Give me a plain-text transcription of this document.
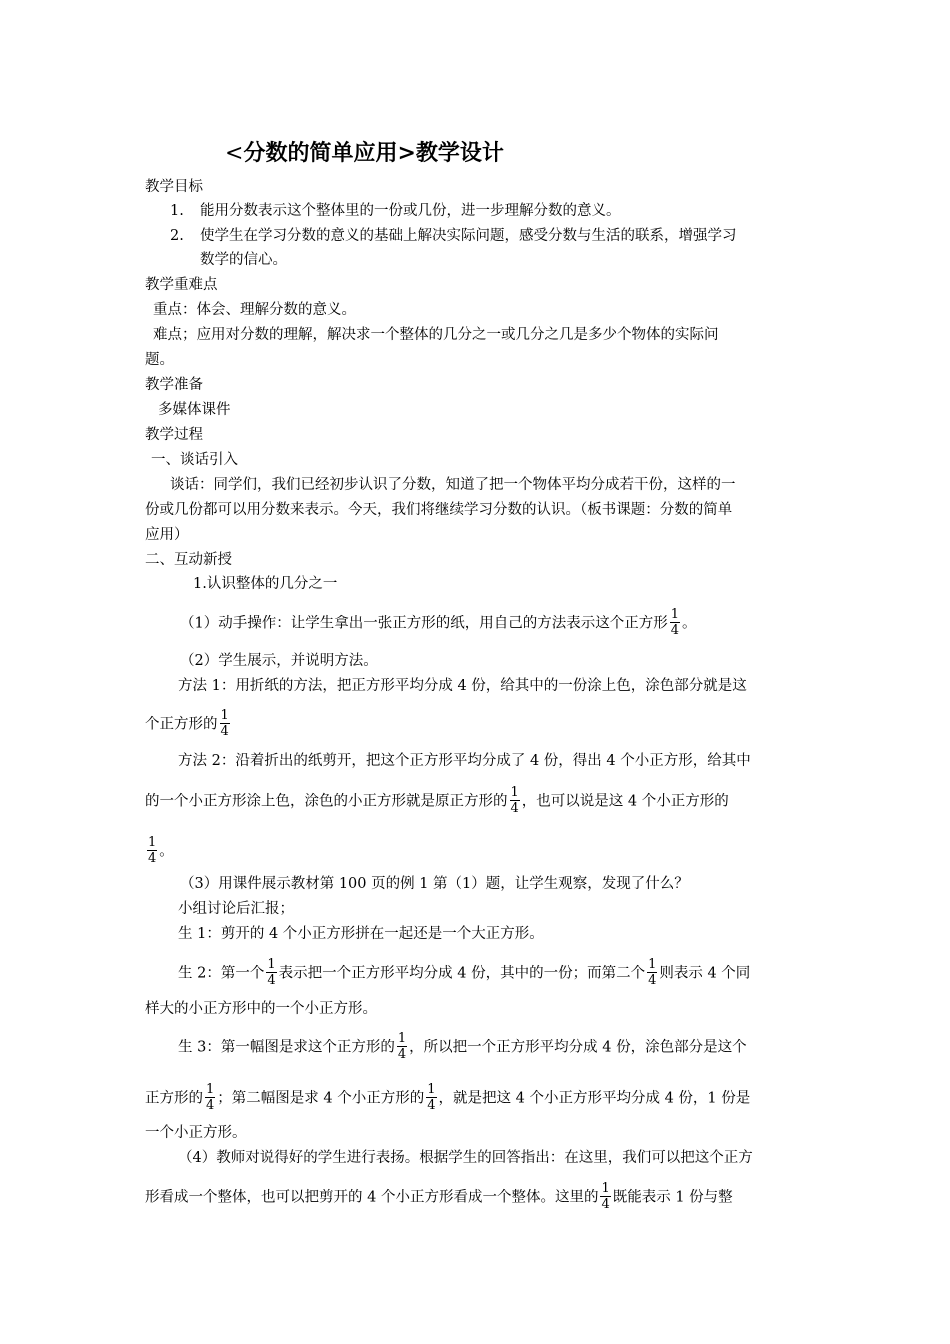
<分数的简单应用>教学设计
教学目标
1. 能用分数表示这个整体里的一份或几份，进一步理解分数的意义。
2. 使学生在学习分数的意义的基础上解决实际问题，感受分数与生活的联系，增强学习
数学的信心。
教学重难点
重点：体会、理解分数的意义。
难点；应用对分数的理解，解决求一个整体的几分之一或几分之几是多少个物体的实际问
题。
教学准备
多媒体课件
教学过程
一、谈话引入
谈话：同学们，我们已经初步认识了分数，知道了把一个物体平均分成若干份，这样的一
份或几份都可以用分数来表示。今天，我们将继续学习分数的认识。（板书课题：分数的简单
应用）
二、互动新授
1.认识整体的几分之一
（1）动手操作：让学生拿出一张正方形的纸，用自己的方法表示这个正方形 $\frac{1}{4}$ 。
（2）学生展示，并说明方法。
方法 1：用折纸的方法，把正方形平均分成 4 份，给其中的一份涂上色，涂色部分就是这
个正方形的 $\frac{1}{4}$
方法 2：沿着折出的纸剪开，把这个正方形平均分成了 4 份，得出 4 个小正方形，给其中
的一个小正方形涂上色，涂色的小正方形就是原正方形的 $\frac{1}{4}$ ，也可以说是这 4 个小正方形的
$\frac{1}{4}$ 。
（3）用课件展示教材第 100 页的例 1 第（1）题，让学生观察，发现了什么？
小组讨论后汇报；
生 1：剪开的 4 个小正方形拼在一起还是一个大正方形。
生 2：第一个 $\frac{1}{4}$ 表示把一个正方形平均分成 4 份，其中的一份；而第二个 $\frac{1}{4}$ 则表示 4 个同
样大的小正方形中的一个小正方形。
生 3：第一幅图是求这个正方形的 $\frac{1}{4}$ ，所以把一个正方形平均分成 4 份，涂色部分是这个
正方形的 $\frac{1}{4}$ ；第二幅图是求 4 个小正方形的 $\frac{1}{4}$ ，就是把这 4 个小正方形平均分成 4 份，1 份是
一个小正方形。
（4）教师对说得好的学生进行表扬。根据学生的回答指出：在这里，我们可以把这个正方
形看成一个整体，也可以把剪开的 4 个小正方形看成一个整体。这里的 $\frac{1}{4}$ 既能表示 1 份与整
